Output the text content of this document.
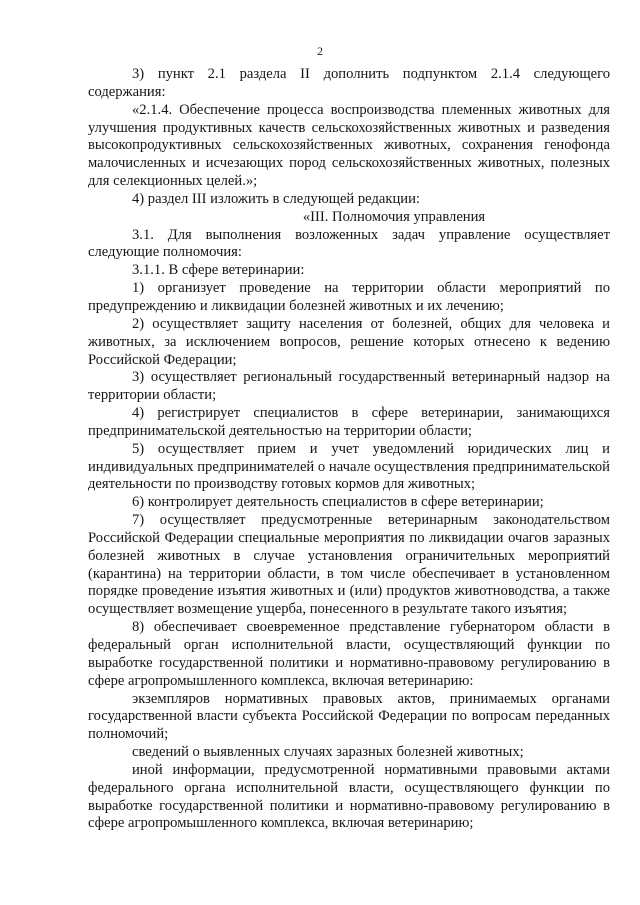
2

3) пункт 2.1 раздела II дополнить подпунктом 2.1.4 следующего содержания:

«2.1.4. Обеспечение процесса воспроизводства племенных животных для улучшения продуктивных качеств сельскохозяйственных животных и разведения высокопродуктивных сельскохозяйственных животных, сохранения генофонда малочисленных и исчезающих пород сельскохозяйственных животных, полезных для селекционных целей.»;

4) раздел III изложить в следующей редакции:

«III. Полномочия управления

3.1. Для выполнения возложенных задач управление осуществляет следующие полномочия:

3.1.1. В сфере ветеринарии:

1) организует проведение на территории области мероприятий по предупреждению и ликвидации болезней животных и их лечению;

2) осуществляет защиту населения от болезней, общих для человека и животных, за исключением вопросов, решение которых отнесено к ведению Российской Федерации;

3) осуществляет региональный государственный ветеринарный надзор на территории области;

4) регистрирует специалистов в сфере ветеринарии, занимающихся предпринимательской деятельностью на территории области;

5) осуществляет прием и учет уведомлений юридических лиц и индивидуальных предпринимателей о начале осуществления предпринимательской деятельности по производству готовых кормов для животных;

6) контролирует деятельность специалистов в сфере ветеринарии;

7) осуществляет предусмотренные ветеринарным законодательством Российской Федерации специальные мероприятия по ликвидации очагов заразных болезней животных в случае установления ограничительных мероприятий (карантина) на территории области, в том числе обеспечивает в установленном порядке проведение изъятия животных и (или) продуктов животноводства, а также осуществляет возмещение ущерба, понесенного в результате такого изъятия;

8) обеспечивает своевременное представление губернатором области в федеральный орган исполнительной власти, осуществляющий функции по выработке государственной политики и нормативно-правовому регулированию в сфере агропромышленного комплекса, включая ветеринарию:

экземпляров нормативных правовых актов, принимаемых органами государственной власти субъекта Российской Федерации по вопросам переданных полномочий;

сведений о выявленных случаях заразных болезней животных;

иной информации, предусмотренной нормативными правовыми актами федерального органа исполнительной власти, осуществляющего функции по выработке государственной политики и нормативно-правовому регулированию в сфере агропромышленного комплекса, включая ветеринарию;
